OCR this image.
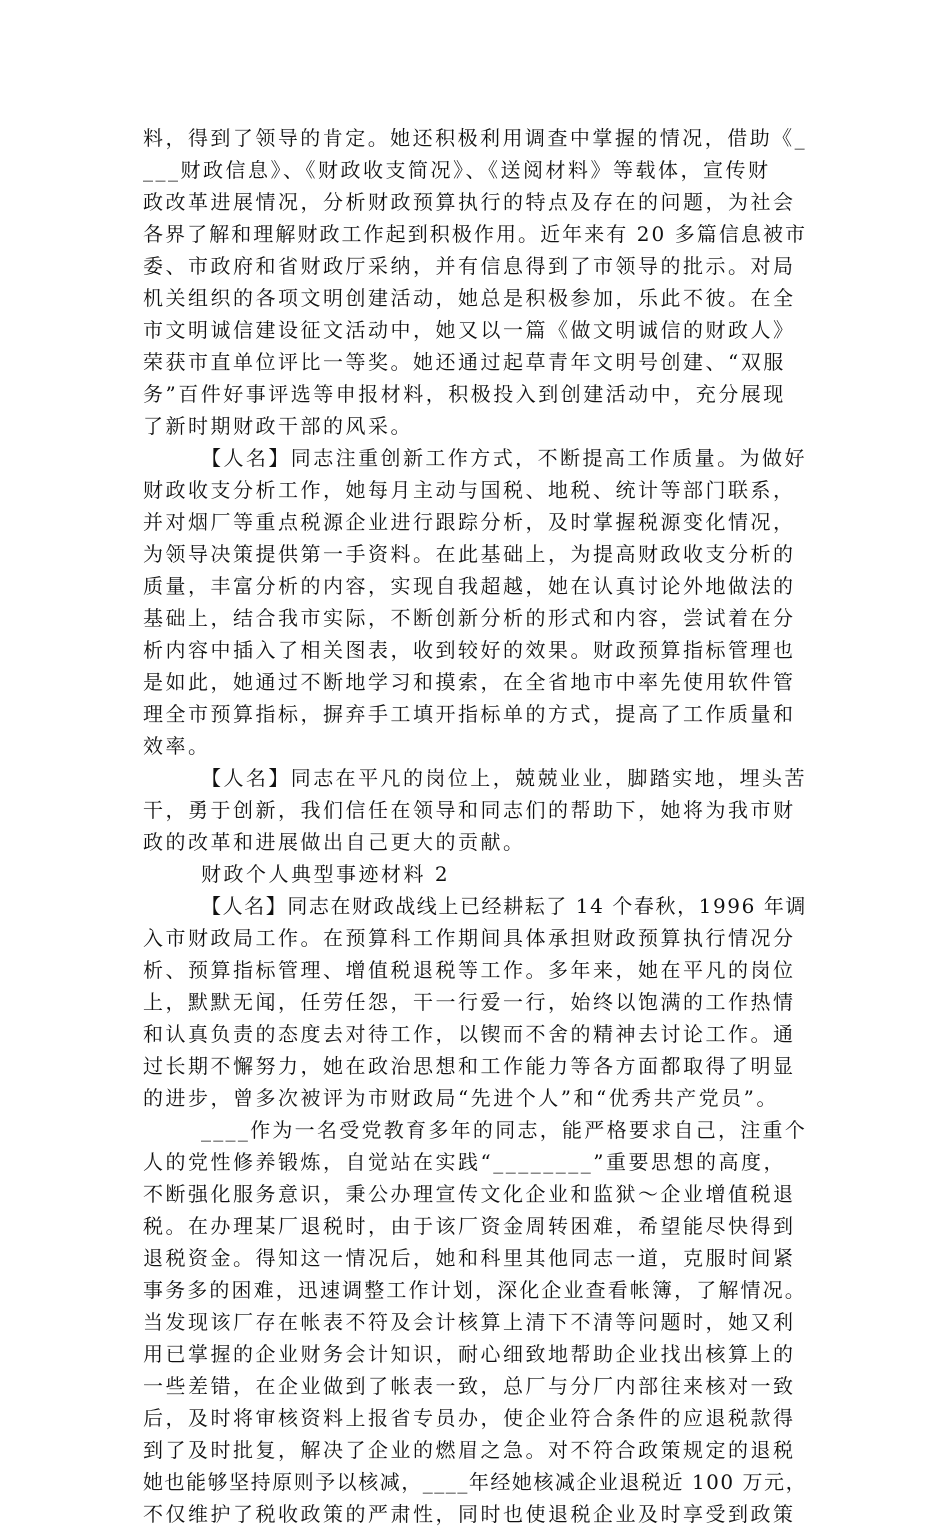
料，得到了领导的肯定。她还积极利用调查中掌握的情况，借助《_
___财政信息》、《财政收支简况》、《送阅材料》等载体，宣传财
政改革进展情况，分析财政预算执行的特点及存在的问题，为社会
各界了解和理解财政工作起到积极作用。近年来有 20 多篇信息被市
委、市政府和省财政厅采纳，并有信息得到了市领导的批示。对局
机关组织的各项文明创建活动，她总是积极参加，乐此不彼。在全
市文明诚信建设征文活动中，她又以一篇《做文明诚信的财政人》
荣获市直单位评比一等奖。她还通过起草青年文明号创建、“双服
务”百件好事评选等申报材料，积极投入到创建活动中，充分展现
了新时期财政干部的风采。
【人名】同志注重创新工作方式，不断提高工作质量。为做好
财政收支分析工作，她每月主动与国税、地税、统计等部门联系，
并对烟厂等重点税源企业进行跟踪分析，及时掌握税源变化情况，
为领导决策提供第一手资料。在此基础上，为提高财政收支分析的
质量，丰富分析的内容，实现自我超越，她在认真讨论外地做法的
基础上，结合我市实际，不断创新分析的形式和内容，尝试着在分
析内容中插入了相关图表，收到较好的效果。财政预算指标管理也
是如此，她通过不断地学习和摸索，在全省地市中率先使用软件管
理全市预算指标，摒弃手工填开指标单的方式，提高了工作质量和
效率。
【人名】同志在平凡的岗位上，兢兢业业，脚踏实地，埋头苦
干，勇于创新，我们信任在领导和同志们的帮助下，她将为我市财
政的改革和进展做出自己更大的贡献。
财政个人典型事迹材料 2
【人名】同志在财政战线上已经耕耘了 14 个春秋，1996 年调
入市财政局工作。在预算科工作期间具体承担财政预算执行情况分
析、预算指标管理、增值税退税等工作。多年来，她在平凡的岗位
上，默默无闻，任劳任怨，干一行爱一行，始终以饱满的工作热情
和认真负责的态度去对待工作，以锲而不舍的精神去讨论工作。通
过长期不懈努力，她在政治思想和工作能力等各方面都取得了明显
的进步，曾多次被评为市财政局“先进个人”和“优秀共产党员”。
____作为一名受党教育多年的同志，能严格要求自己，注重个
人的党性修养锻炼，自觉站在实践“________”重要思想的高度，
不断强化服务意识，秉公办理宣传文化企业和监狱～企业增值税退
税。在办理某厂退税时，由于该厂资金周转困难，希望能尽快得到
退税资金。得知这一情况后，她和科里其他同志一道，克服时间紧
事务多的困难，迅速调整工作计划，深化企业查看帐簿，了解情况。
当发现该厂存在帐表不符及会计核算上清下不清等问题时，她又利
用已掌握的企业财务会计知识，耐心细致地帮助企业找出核算上的
一些差错，在企业做到了帐表一致，总厂与分厂内部往来核对一致
后，及时将审核资料上报省专员办，使企业符合条件的应退税款得
到了及时批复，解决了企业的燃眉之急。对不符合政策规定的退税
她也能够坚持原则予以核减，____年经她核减企业退税近 100 万元，
不仅维护了税收政策的严肃性，同时也使退税企业及时享受到政策
